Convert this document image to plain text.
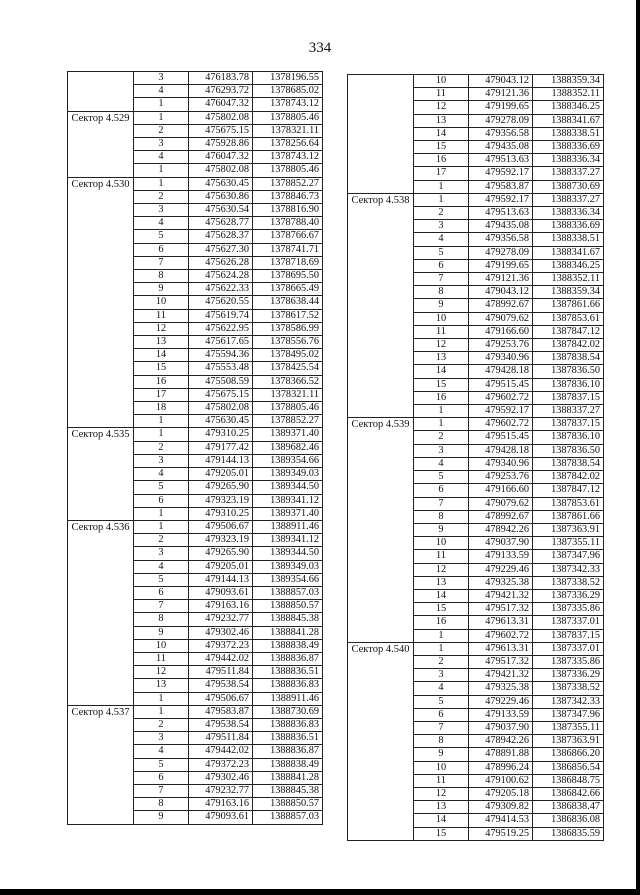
334
	3	476183.78	1378196.55
	4	476293.72	1378685.02
	1	476047.32	1378743.12
Сектор 4.529	1	475802.08	1378805.46
	2	475675.15	1378321.11
	3	475928.86	1378256.64
	4	476047.32	1378743.12
	1	475802.08	1378805.46
Сектор 4.530	1	475630.45	1378852.27
	2	475630.86	1378846.73
	3	475630.54	1378816.90
	4	475628.77	1378788.40
	5	475628.37	1378766.67
	6	475627.30	1378741.71
	7	475626.28	1378718.69
	8	475624.28	1378695.50
	9	475622.33	1378665.49
	10	475620.55	1378638.44
	11	475619.74	1378617.52
	12	475622.95	1378586.99
	13	475617.65	1378556.76
	14	475594.36	1378495.02
	15	475553.48	1378425.54
	16	475508.59	1378366.52
	17	475675.15	1378321.11
	18	475802.08	1378805.46
	1	475630.45	1378852.27
Сектор 4.535	1	479310.25	1389371.40
	2	479177.42	1389682.46
	3	479144.13	1389354.66
	4	479205.01	1389349.03
	5	479265.90	1389344.50
	6	479323.19	1389341.12
	1	479310.25	1389371.40
Сектор 4.536	1	479506.67	1388911.46
	2	479323.19	1389341.12
	3	479265.90	1389344.50
	4	479205.01	1389349.03
	5	479144.13	1389354.66
	6	479093.61	1388857.03
	7	479163.16	1388850.57
	8	479232.77	1388845.38
	9	479302.46	1388841.28
	10	479372.23	1388838.49
	11	479442.02	1388836.87
	12	479511.84	1388836.51
	13	479538.54	1388836.83
	1	479506.67	1388911.46
Сектор 4.537	1	479583.87	1388730.69
	2	479538.54	1388836.83
	3	479511.84	1388836.51
	4	479442.02	1388836.87
	5	479372.23	1388838.49
	6	479302.46	1388841.28
	7	479232.77	1388845.38
	8	479163.16	1388850.57
	9	479093.61	1388857.03
	10	479043.12	1388359.34
	11	479121.36	1388352.11
	12	479199.65	1388346.25
	13	479278.09	1388341.67
	14	479356.58	1388338.51
	15	479435.08	1388336.69
	16	479513.63	1388336.34
	17	479592.17	1388337.27
	1	479583.87	1388730.69
Сектор 4.538	1	479592.17	1388337.27
	2	479513.63	1388336.34
	3	479435.08	1388336.69
	4	479356.58	1388338.51
	5	479278.09	1388341.67
	6	479199.65	1388346.25
	7	479121.36	1388352.11
	8	479043.12	1388359.34
	9	478992.67	1387861.66
	10	479079.62	1387853.61
	11	479166.60	1387847.12
	12	479253.76	1387842.02
	13	479340.96	1387838.54
	14	479428.18	1387836.50
	15	479515.45	1387836.10
	16	479602.72	1387837.15
	1	479592.17	1388337.27
Сектор 4.539	1	479602.72	1387837.15
	2	479515.45	1387836.10
	3	479428.18	1387836.50
	4	479340.96	1387838.54
	5	479253.76	1387842.02
	6	479166.60	1387847.12
	7	479079.62	1387853.61
	8	478992.67	1387861.66
	9	478942.26	1387363.91
	10	479037.90	1387355.11
	11	479133.59	1387347.96
	12	479229.46	1387342.33
	13	479325.38	1387338.52
	14	479421.32	1387336.29
	15	479517.32	1387335.86
	16	479613.31	1387337.01
	1	479602.72	1387837.15
Сектор 4.540	1	479613.31	1387337.01
	2	479517.32	1387335.86
	3	479421.32	1387336.29
	4	479325.38	1387338.52
	5	479229.46	1387342.33
	6	479133.59	1387347.96
	7	479037.90	1387355.11
	8	478942.26	1387363.91
	9	478891.88	1386866.20
	10	478996.24	1386856.54
	11	479100.62	1386848.75
	12	479205.18	1386842.66
	13	479309.82	1386838.47
	14	479414.53	1386836.08
	15	479519.25	1386835.59
